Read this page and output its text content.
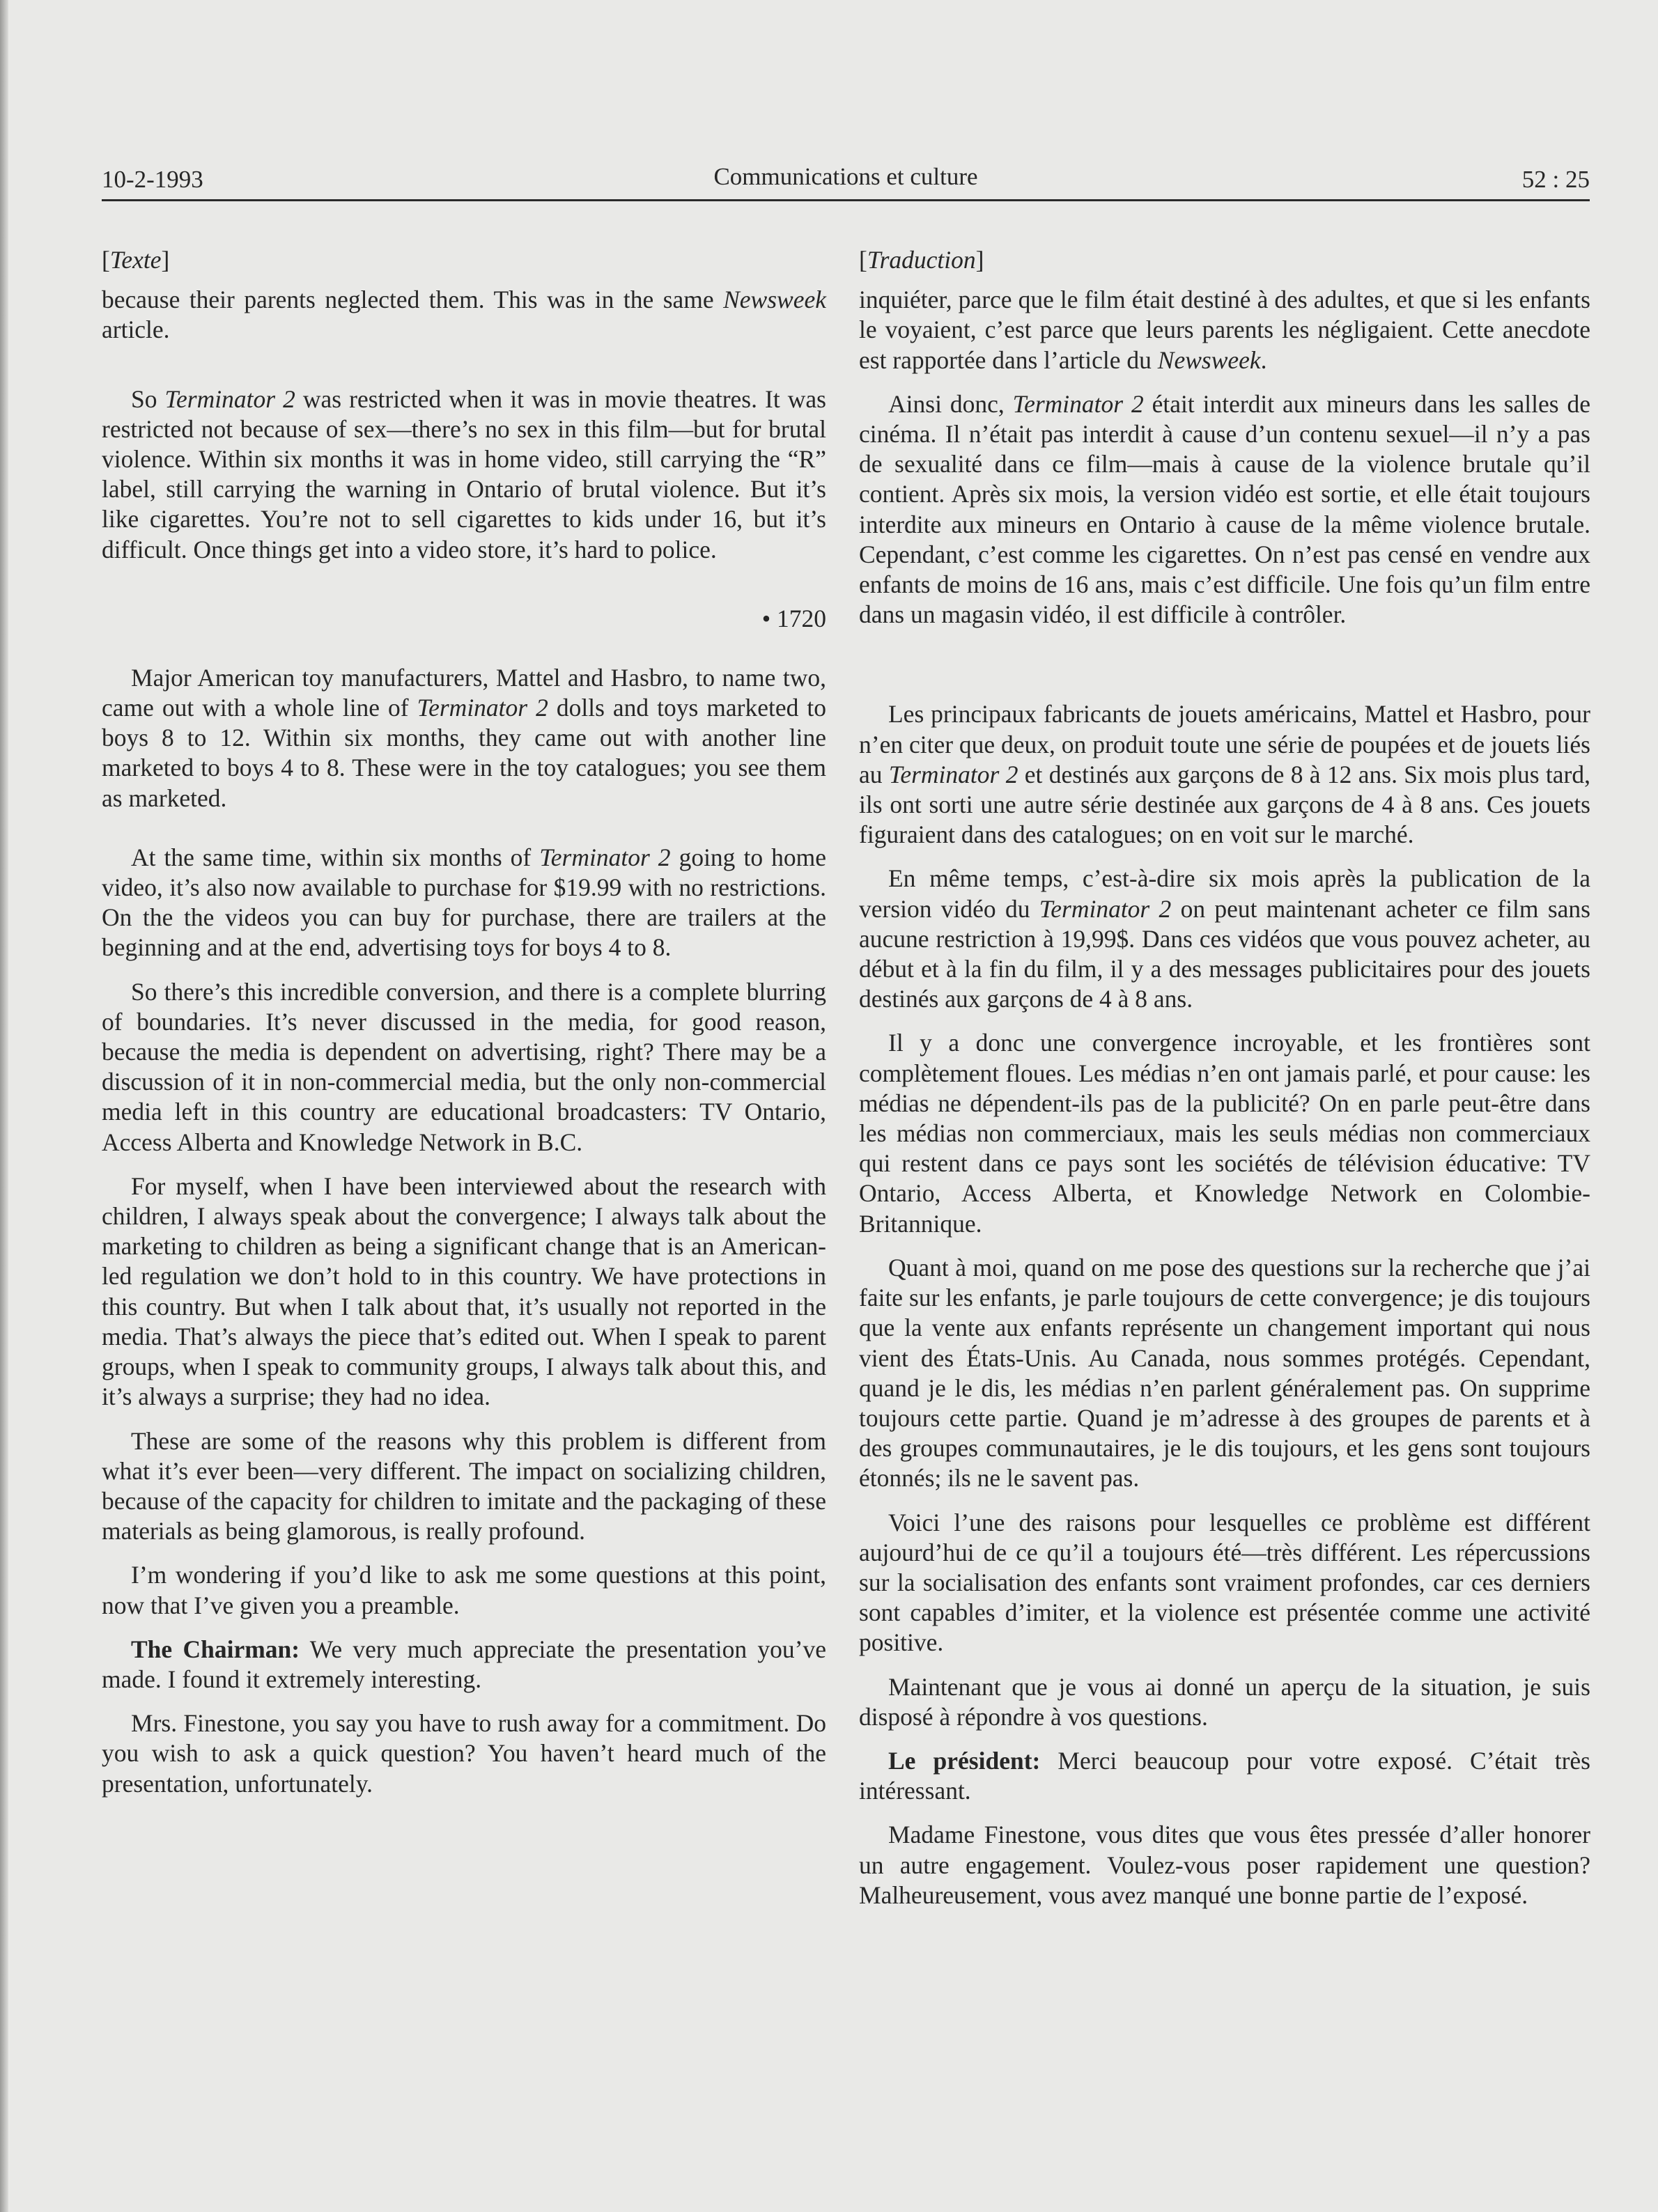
10-2-1993	Communications et culture	52 : 25
[Texte]

because their parents neglected them. This was in the same Newsweek article.

So Terminator 2 was restricted when it was in movie theatres. It was restricted not because of sex—there’s no sex in this film—but for brutal violence. Within six months it was in home video, still carrying the “R” label, still carrying the warning in Ontario of brutal violence. But it’s like cigarettes. You’re not to sell cigarettes to kids under 16, but it’s difficult. Once things get into a video store, it’s hard to police.

• 1720

Major American toy manufacturers, Mattel and Hasbro, to name two, came out with a whole line of Terminator 2 dolls and toys marketed to boys 8 to 12. Within six months, they came out with another line marketed to boys 4 to 8. These were in the toy catalogues; you see them as marketed.

At the same time, within six months of Terminator 2 going to home video, it’s also now available to purchase for $19.99 with no restrictions. On the the videos you can buy for purchase, there are trailers at the beginning and at the end, advertising toys for boys 4 to 8.

So there’s this incredible conversion, and there is a complete blurring of boundaries. It’s never discussed in the media, for good reason, because the media is dependent on advertising, right? There may be a discussion of it in non-commercial media, but the only non-commercial media left in this country are educational broadcasters: TV Ontario, Access Alberta and Knowledge Network in B.C.

For myself, when I have been interviewed about the research with children, I always speak about the convergence; I always talk about the marketing to children as being a significant change that is an American-led regulation we don’t hold to in this country. We have protections in this country. But when I talk about that, it’s usually not reported in the media. That’s always the piece that’s edited out. When I speak to parent groups, when I speak to community groups, I always talk about this, and it’s always a surprise; they had no idea.

These are some of the reasons why this problem is different from what it’s ever been—very different. The impact on socializing children, because of the capacity for children to imitate and the packaging of these materials as being glamorous, is really profound.

I’m wondering if you’d like to ask me some questions at this point, now that I’ve given you a preamble.

The Chairman: We very much appreciate the presentation you’ve made. I found it extremely interesting.

Mrs. Finestone, you say you have to rush away for a commitment. Do you wish to ask a quick question? You haven’t heard much of the presentation, unfortunately.

[Traduction]

inquiéter, parce que le film était destiné à des adultes, et que si les enfants le voyaient, c’est parce que leurs parents les négligaient. Cette anecdote est rapportée dans l’article du Newsweek.

Ainsi donc, Terminator 2 était interdit aux mineurs dans les salles de cinéma. Il n’était pas interdit à cause d’un contenu sexuel—il n’y a pas de sexualité dans ce film—mais à cause de la violence brutale qu’il contient. Après six mois, la version vidéo est sortie, et elle était toujours interdite aux mineurs en Ontario à cause de la même violence brutale. Cependant, c’est comme les cigarettes. On n’est pas censé en vendre aux enfants de moins de 16 ans, mais c’est difficile. Une fois qu’un film entre dans un magasin vidéo, il est difficile à contrôler.

Les principaux fabricants de jouets américains, Mattel et Hasbro, pour n’en citer que deux, on produit toute une série de poupées et de jouets liés au Terminator 2 et destinés aux garçons de 8 à 12 ans. Six mois plus tard, ils ont sorti une autre série destinée aux garçons de 4 à 8 ans. Ces jouets figuraient dans des catalogues; on en voit sur le marché.

En même temps, c’est-à-dire six mois après la publication de la version vidéo du Terminator 2 on peut maintenant acheter ce film sans aucune restriction à 19,99$. Dans ces vidéos que vous pouvez acheter, au début et à la fin du film, il y a des messages publicitaires pour des jouets destinés aux garçons de 4 à 8 ans.

Il y a donc une convergence incroyable, et les frontières sont complètement floues. Les médias n’en ont jamais parlé, et pour cause: les médias ne dépendent-ils pas de la publicité? On en parle peut-être dans les médias non commerciaux, mais les seuls médias non commerciaux qui restent dans ce pays sont les sociétés de télévision éducative: TV Ontario, Access Alberta, et Knowledge Network en Colombie-Britannique.

Quant à moi, quand on me pose des questions sur la recherche que j’ai faite sur les enfants, je parle toujours de cette convergence; je dis toujours que la vente aux enfants représente un changement important qui nous vient des États-Unis. Au Canada, nous sommes protégés. Cependant, quand je le dis, les médias n’en parlent généralement pas. On supprime toujours cette partie. Quand je m’adresse à des groupes de parents et à des groupes communautaires, je le dis toujours, et les gens sont toujours étonnés; ils ne le savent pas.

Voici l’une des raisons pour lesquelles ce problème est différent aujourd’hui de ce qu’il a toujours été—très différent. Les répercussions sur la socialisation des enfants sont vraiment profondes, car ces derniers sont capables d’imiter, et la violence est présentée comme une activité positive.

Maintenant que je vous ai donné un aperçu de la situation, je suis disposé à répondre à vos questions.

Le président: Merci beaucoup pour votre exposé. C’était très intéressant.

Madame Finestone, vous dites que vous êtes pressée d’aller honorer un autre engagement. Voulez-vous poser rapidement une question? Malheureusement, vous avez manqué une bonne partie de l’exposé.
